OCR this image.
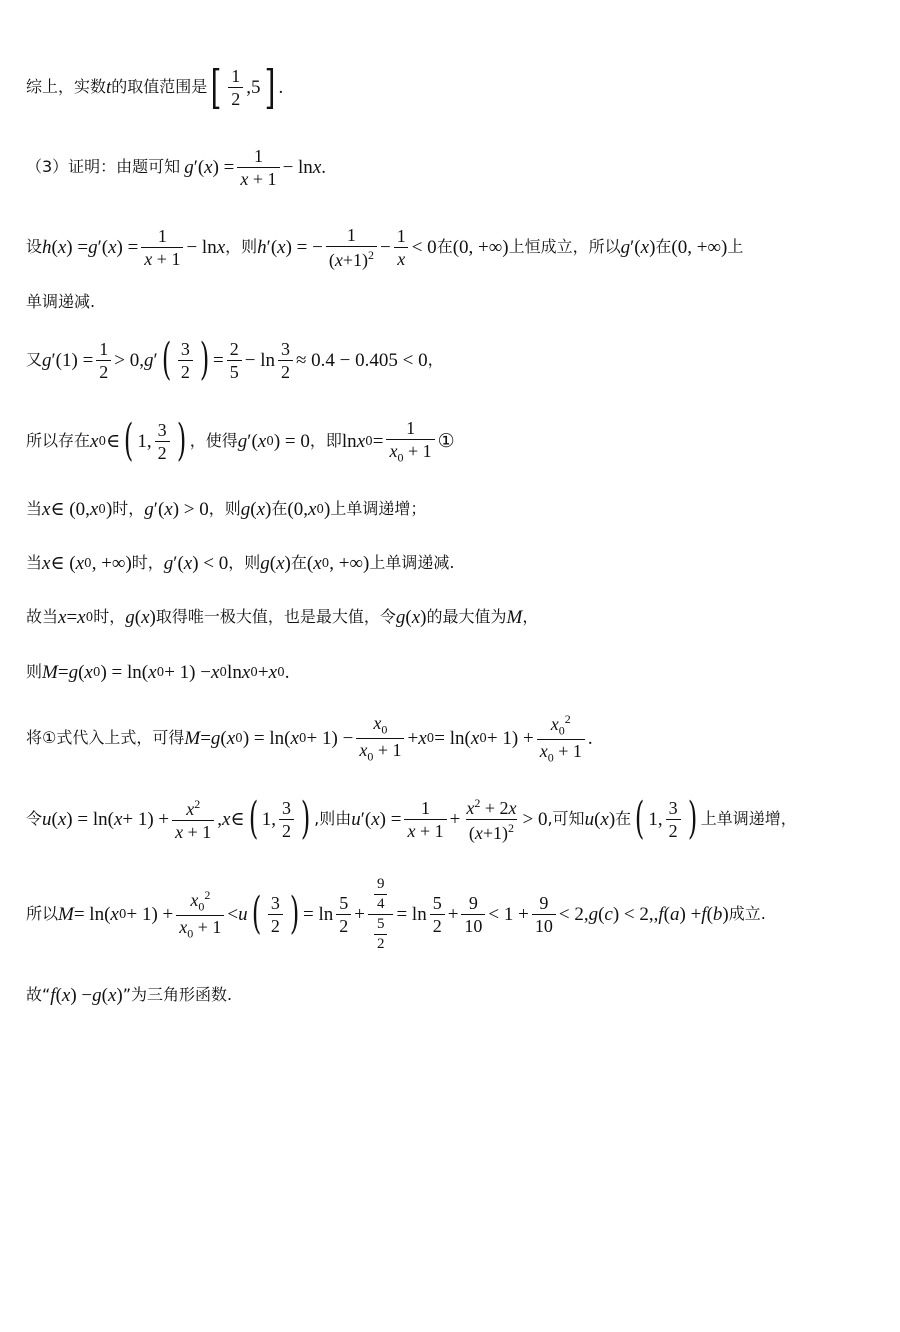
综上，实数 t 的取值范围是 [ $\frac{1}{2} ,5$ ] .
（3）证明：由题可知 g ′( x ) = $\frac{1}{x + 1} - \ln x$ .
设 h ( x ) = g ′( x ) = $\frac{1}{x + 1} - \ln x$ ，则 h ′( x ) = − $\frac{1}{(x+1)^2} - \frac{1}{x} < 0$ 在 (0, +∞) 上恒成立，所以 g ′( x ) 在 (0, +∞) 上
单调递减.
又 g $'(1) = \frac{1}{2} > 0$, g ′ ( $\frac{3}{2}$ ) = $\frac{2}{5} - \ln \frac{3}{2} \approx 0.4 - 0.405 < 0$ ，
所以存在 x 0 ∈ ( 1, $\frac{3}{2}$ ) ，使得 g ′( x 0 ) = 0 ，即 ln x $0 = \frac{1}{x_0 + 1}$ ①
当 x ∈ (0, x 0 ) 时， g ′( x ) > 0 ，则 g ( x ) 在 (0, x 0 ) 上单调递增；
当 x ∈ ( x 0 , +∞) 时， g ′( x ) < 0 ，则 g ( x ) 在 ( x 0 , +∞) 上单调递减.
故当 x = x 0 时， g ( x ) 取得唯一极大值，也是最大值，令 g ( x ) 的最大值为 M ，
则 M = g ( x 0 ) = ln( x 0 + 1) − x 0 ln x 0 + x 0 .
将①式代入上式，可得 M = g ( x 0 ) = ln( x $0 + 1) - \frac{x_0}{x_0 + 1} + x$ 0 = ln( x $0 + 1) + \frac{x_0^2}{x_0 + 1}$ .
令 u ( x ) = ln( $x + 1) + \frac{x^2}{x + 1}$ , x ∈ ( 1, $\frac{3}{2}$ ) ,则由 u ′( x ) = $\frac{1}{x + 1} + \frac{x^2 + 2x}{(x+1)^2} > 0$ ,可知 u ( x ) 在 ( 1, $\frac{3}{2}$ ) 上单调递增，
所以 M = ln( x $0 + 1) + \frac{x_0^2}{x_0 + 1} < u$ ( $\frac{3}{2}$ ) = $\ln \frac{5}{2} + \frac{\frac{9}{4}}{\frac{5}{2}} = \ln \frac{5}{2} + \frac{9}{10} < 1 + \frac{9}{10} < 2$, g ( c ) < 2,, f ( a ) + f ( b ) 成立.
故“ f ( x ) − g ( x ) ”为三角形函数.
